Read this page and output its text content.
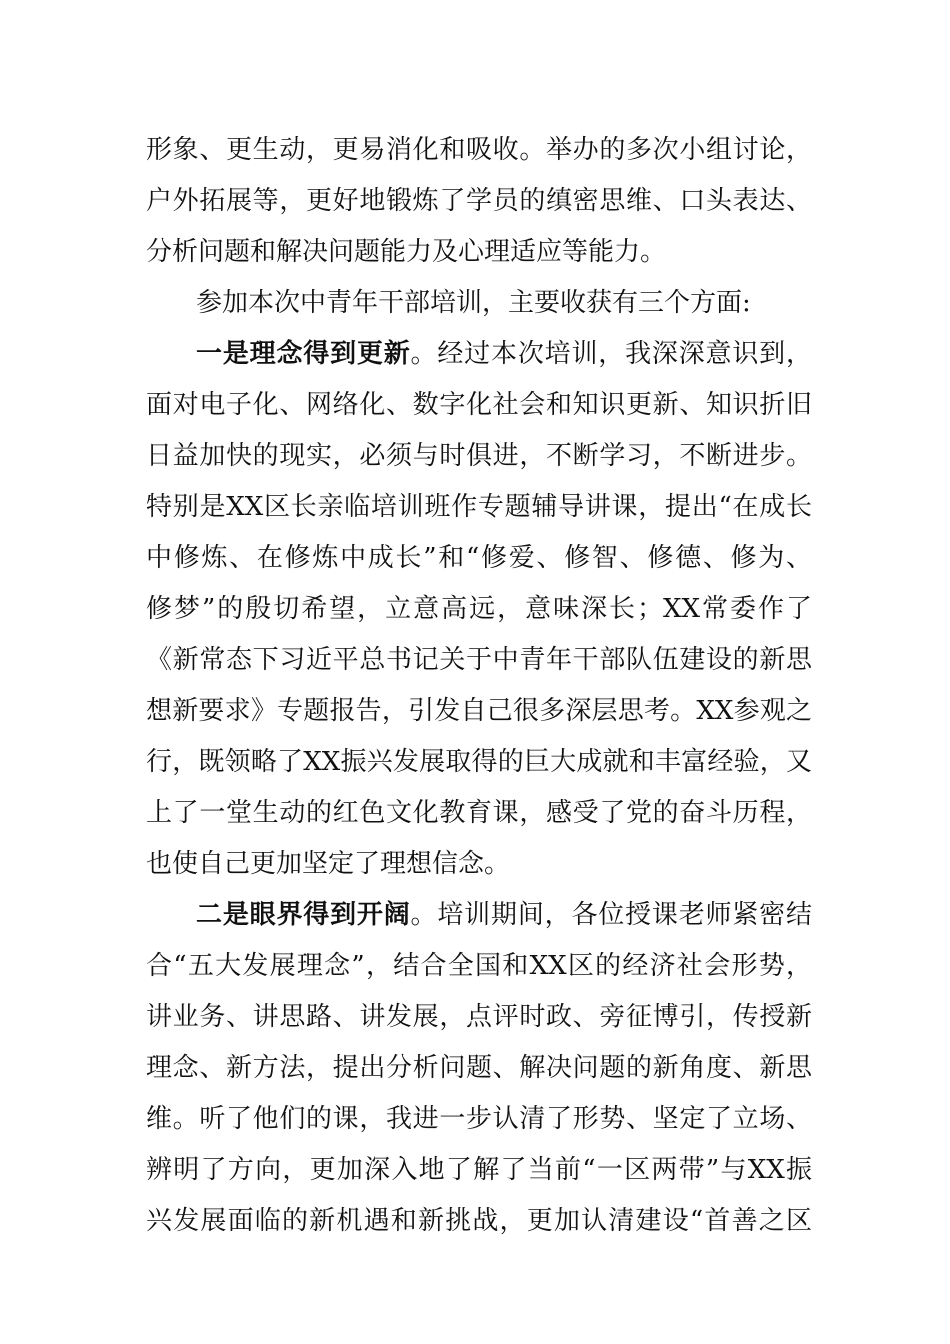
形象、更生动，更易消化和吸收。举办的多次小组讨论，
户外拓展等，更好地锻炼了学员的缜密思维、口头表达、
分析问题和解决问题能力及心理适应等能力。
参加本次中青年干部培训，主要收获有三个方面:
一是理念得到更新。经过本次培训，我深深意识到，
面对电子化、网络化、数字化社会和知识更新、知识折旧
日益加快的现实，必须与时俱进，不断学习，不断进步。
特别是XX区长亲临培训班作专题辅导讲课，提出“在成长
中修炼、在修炼中成长”和“修爱、修智、修德、修为、
修梦”的殷切希望，立意高远，意味深长；XX常委作了
《新常态下习近平总书记关于中青年干部队伍建设的新思
想新要求》专题报告，引发自己很多深层思考。XX参观之
行，既领略了XX振兴发展取得的巨大成就和丰富经验，又
上了一堂生动的红色文化教育课，感受了党的奋斗历程，
也使自己更加坚定了理想信念。
二是眼界得到开阔。培训期间，各位授课老师紧密结
合“五大发展理念”，结合全国和XX区的经济社会形势，
讲业务、讲思路、讲发展，点评时政、旁征博引，传授新
理念、新方法，提出分析问题、解决问题的新角度、新思
维。听了他们的课，我进一步认清了形势、坚定了立场、
辨明了方向，更加深入地了解了当前“一区两带”与XX振
兴发展面临的新机遇和新挑战，更加认清建设“首善之区
